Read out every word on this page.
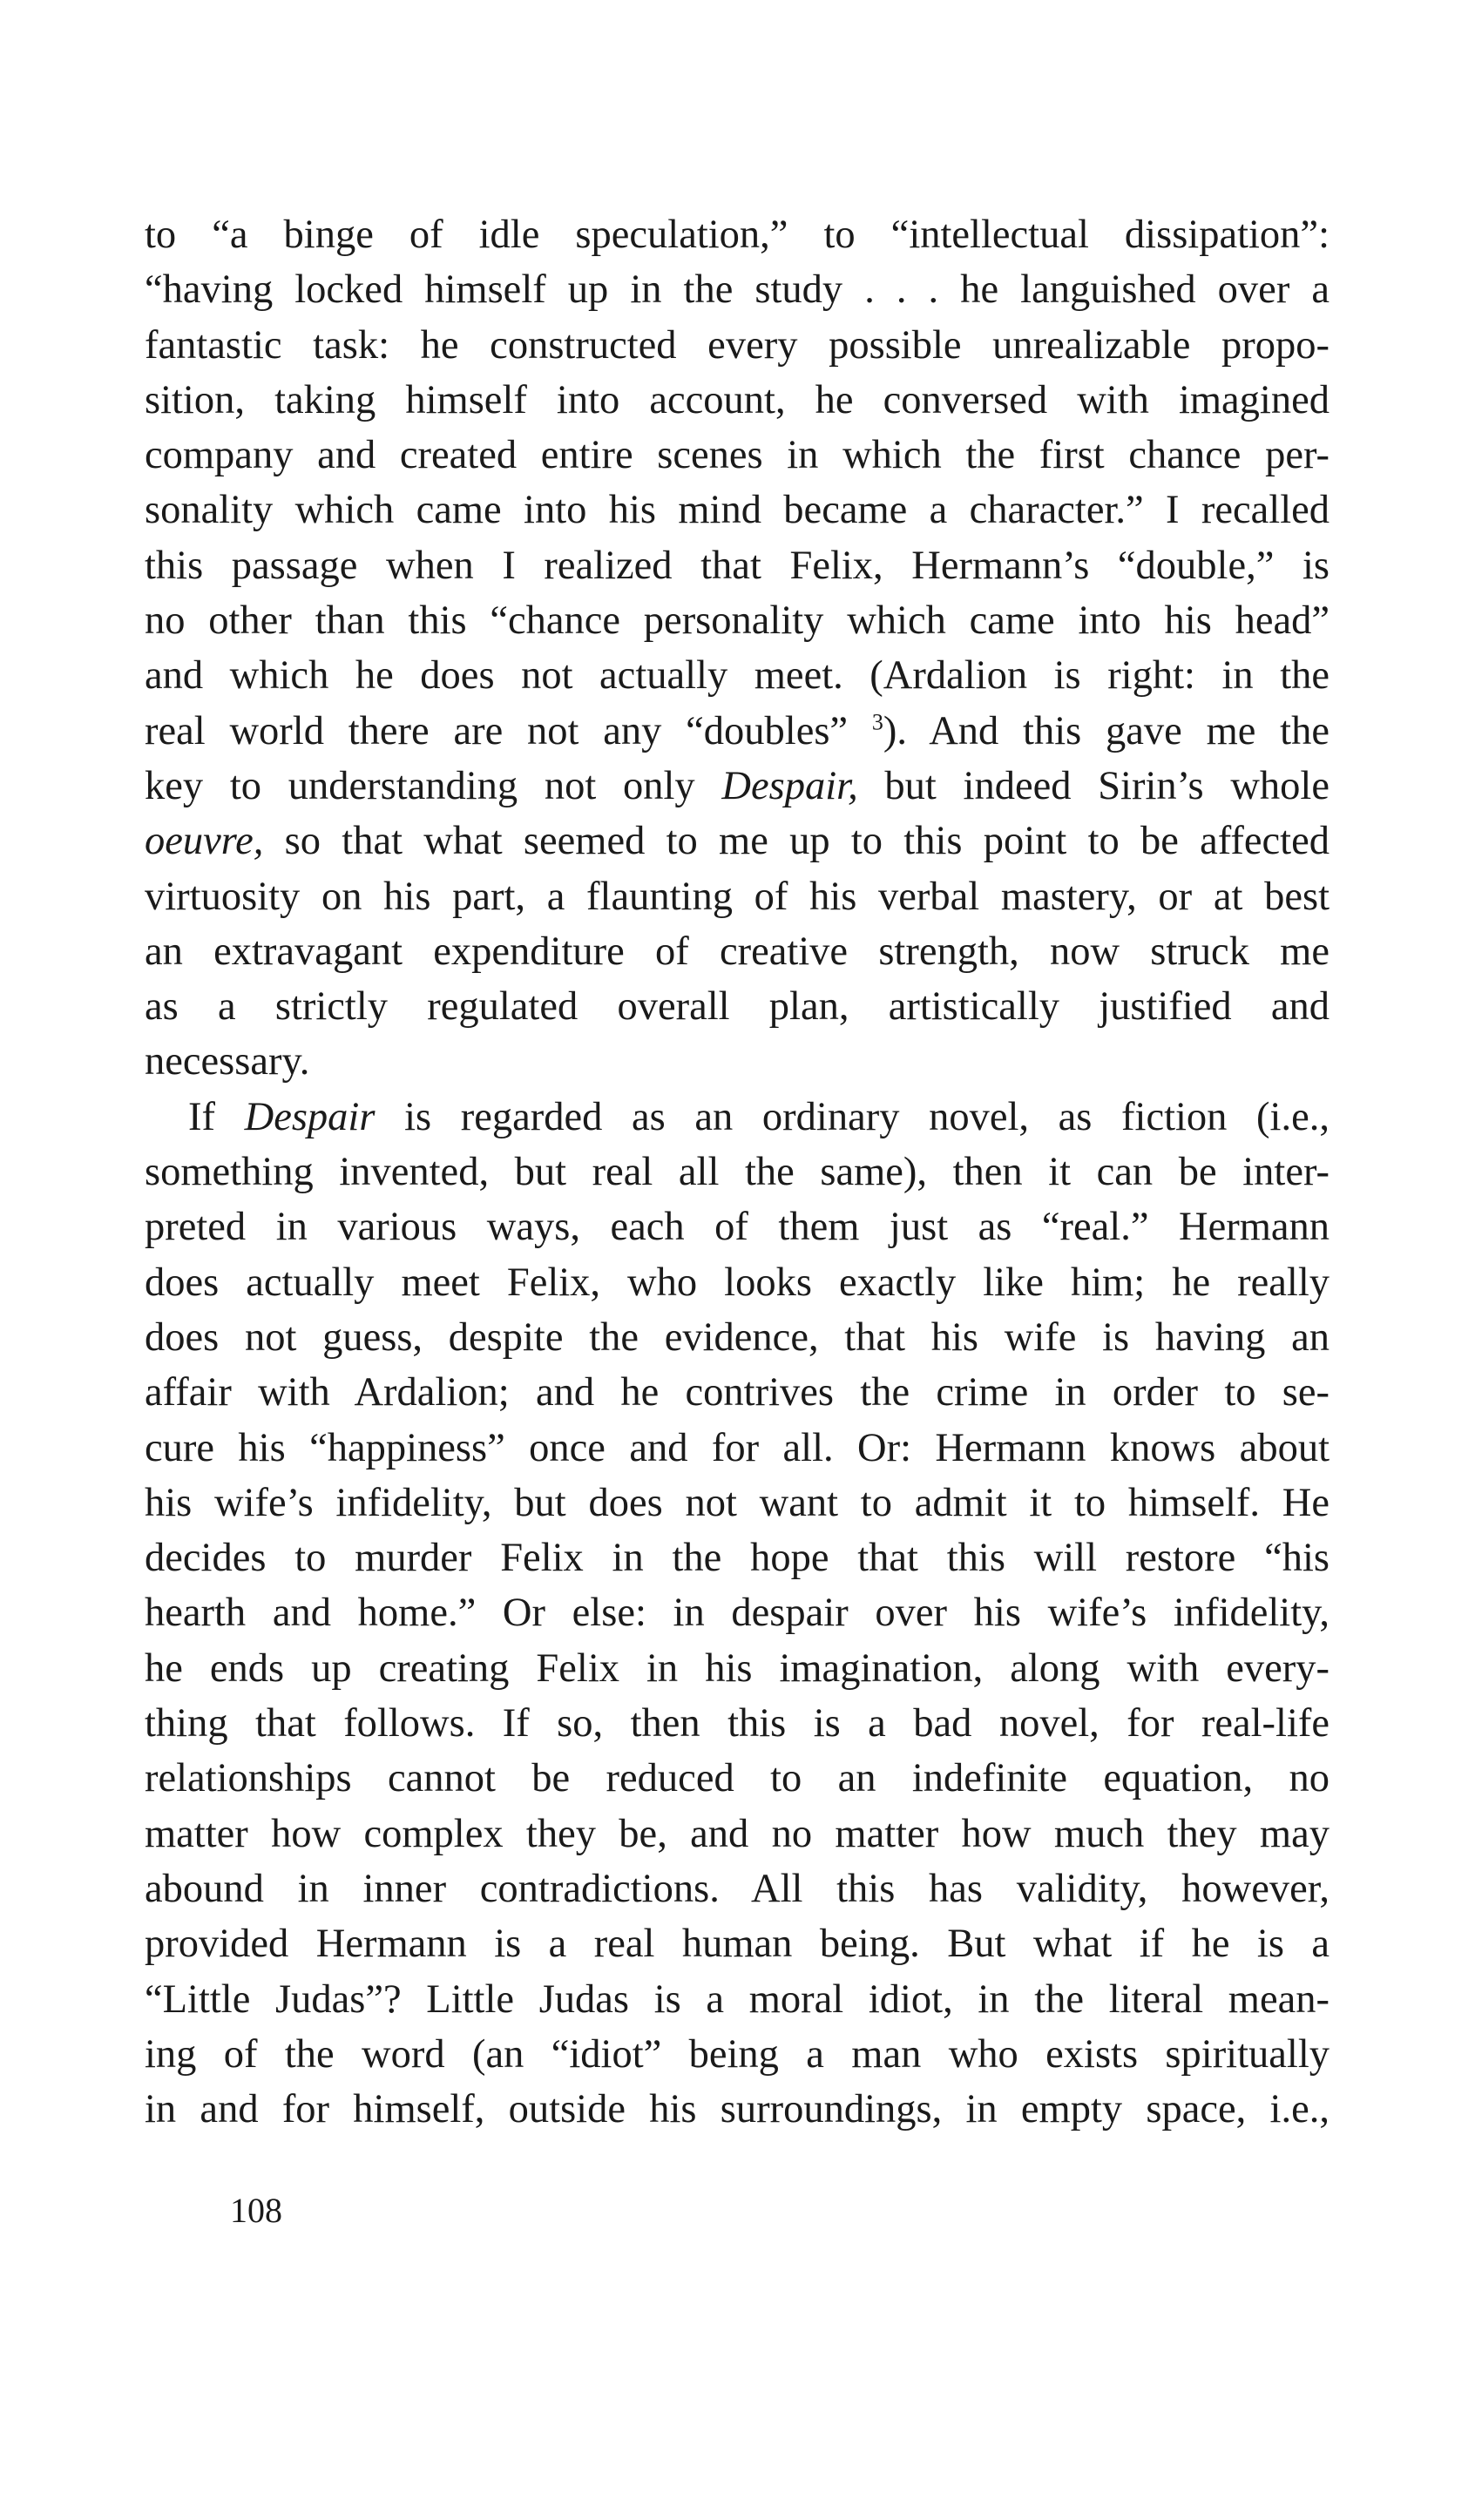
to “a binge of idle speculation,” to “intellectual dissipation”:
“having locked himself up in the study . . . he languished over a
fantastic task: he constructed every possible unrealizable propo-
sition, taking himself into account, he conversed with imagined
company and created entire scenes in which the first chance per-
sonality which came into his mind became a character.” I recalled
this passage when I realized that Felix, Hermann’s “double,” is
no other than this “chance personality which came into his head”
and which he does not actually meet. (Ardalion is right: in the
real world there are not any “doubles” $^3$). And this gave me the
key to understanding not only Despair, but indeed Sirin’s whole
oeuvre, so that what seemed to me up to this point to be affected
virtuosity on his part, a flaunting of his verbal mastery, or at best
an extravagant expenditure of creative strength, now struck me
as a strictly regulated overall plan, artistically justified and
necessary.
If Despair is regarded as an ordinary novel, as fiction (i.e.,
something invented, but real all the same), then it can be inter-
preted in various ways, each of them just as “real.” Hermann
does actually meet Felix, who looks exactly like him; he really
does not guess, despite the evidence, that his wife is having an
affair with Ardalion; and he contrives the crime in order to se-
cure his “happiness” once and for all. Or: Hermann knows about
his wife’s infidelity, but does not want to admit it to himself. He
decides to murder Felix in the hope that this will restore “his
hearth and home.” Or else: in despair over his wife’s infidelity,
he ends up creating Felix in his imagination, along with every-
thing that follows. If so, then this is a bad novel, for real-life
relationships cannot be reduced to an indefinite equation, no
matter how complex they be, and no matter how much they may
abound in inner contradictions. All this has validity, however,
provided Hermann is a real human being. But what if he is a
“Little Judas”? Little Judas is a moral idiot, in the literal mean-
ing of the word (an “idiot” being a man who exists spiritually
in and for himself, outside his surroundings, in empty space, i.e.,
108
